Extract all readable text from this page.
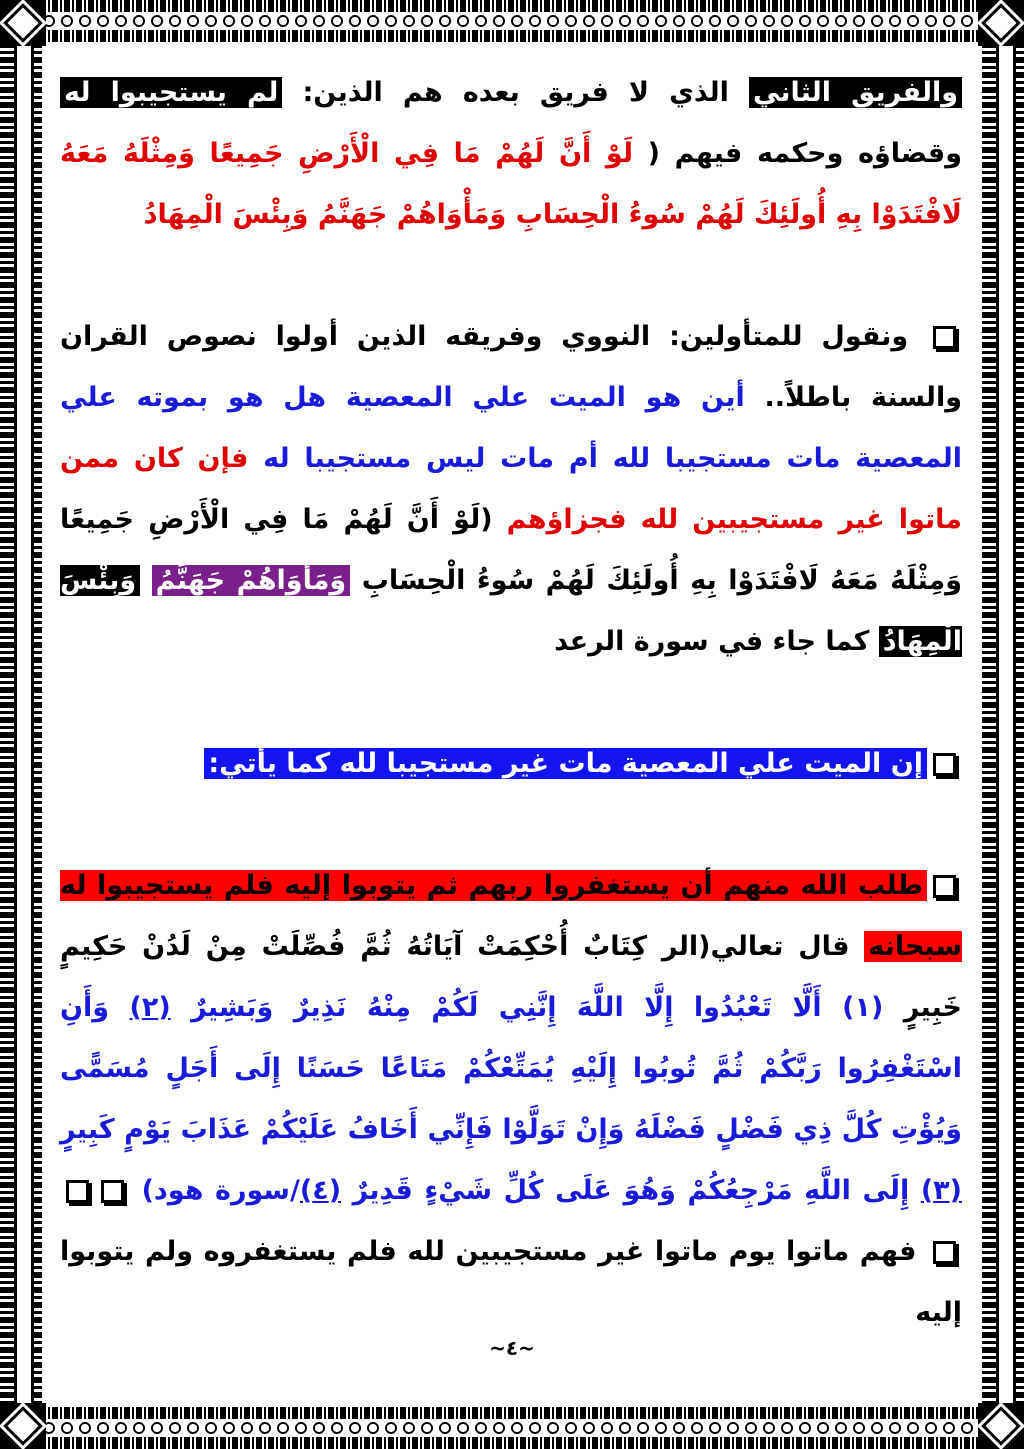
والفريق الثاني الذي لا فريق بعده هم الذين: لم يستجيبوا له وقضاؤه وحكمه فيهم ( لَوْ أَنَّ لَهُمْ مَا فِي الْأَرْضِ جَمِيعًا وَمِثْلَهُ مَعَهُ لَافْتَدَوْا بِهِ أُولَئِكَ لَهُمْ سُوءُ الْحِسَابِ وَمَأْوَاهُمْ جَهَنَّمُ وَبِئْسَ الْمِهَادُ

ونقول للمتأولين: النووي وفريقه الذين أولوا نصوص القران والسنة باطلاً.. أين هو الميت علي المعصية هل هو بموته علي المعصية مات مستجيبا لله أم مات ليس مستجيبا له فإن كان ممن ماتوا غير مستجيبين لله فجزاؤهم (لَوْ أَنَّ لَهُمْ مَا فِي الْأَرْضِ جَمِيعًا وَمِثْلَهُ مَعَهُ لَافْتَدَوْا بِهِ أُولَئِكَ لَهُمْ سُوءُ الْحِسَابِ وَمَأْوَاهُمْ جَهَنَّمُ وَبِئْسَ الْمِهَادُ كما جاء في سورة الرعد

إن الميت علي المعصية مات غير مستجيبا لله كما يأتي:

طلب الله منهم أن يستغفروا ربهم ثم يتوبوا إليه فلم يستجيبوا له سبحانه قال تعالي(الر كِتَابٌ أُحْكِمَتْ آيَاتُهُ ثُمَّ فُصِّلَتْ مِنْ لَدُنْ حَكِيمٍ خَبِيرٍ (١) أَلَّا تَعْبُدُوا إِلَّا اللَّهَ إِنَّنِي لَكُمْ مِنْهُ نَذِيرٌ وَبَشِيرٌ (٢) وَأَنِ اسْتَغْفِرُوا رَبَّكُمْ ثُمَّ تُوبُوا إِلَيْهِ يُمَتِّعْكُمْ مَتَاعًا حَسَنًا إِلَى أَجَلٍ مُسَمًّى وَيُؤْتِ كُلَّ ذِي فَضْلٍ فَضْلَهُ وَإِنْ تَوَلَّوْا فَإِنِّي أَخَافُ عَلَيْكُمْ عَذَابَ يَوْمٍ كَبِيرٍ (٣) إِلَى اللَّهِ مَرْجِعُكُمْ وَهُوَ عَلَى كُلِّ شَيْءٍ قَدِيرٌ (٤)/سورة هود)  فهم ماتوا يوم ماتوا غير مستجيبين لله فلم يستغفروه ولم يتوبوا إليه

~٤~
